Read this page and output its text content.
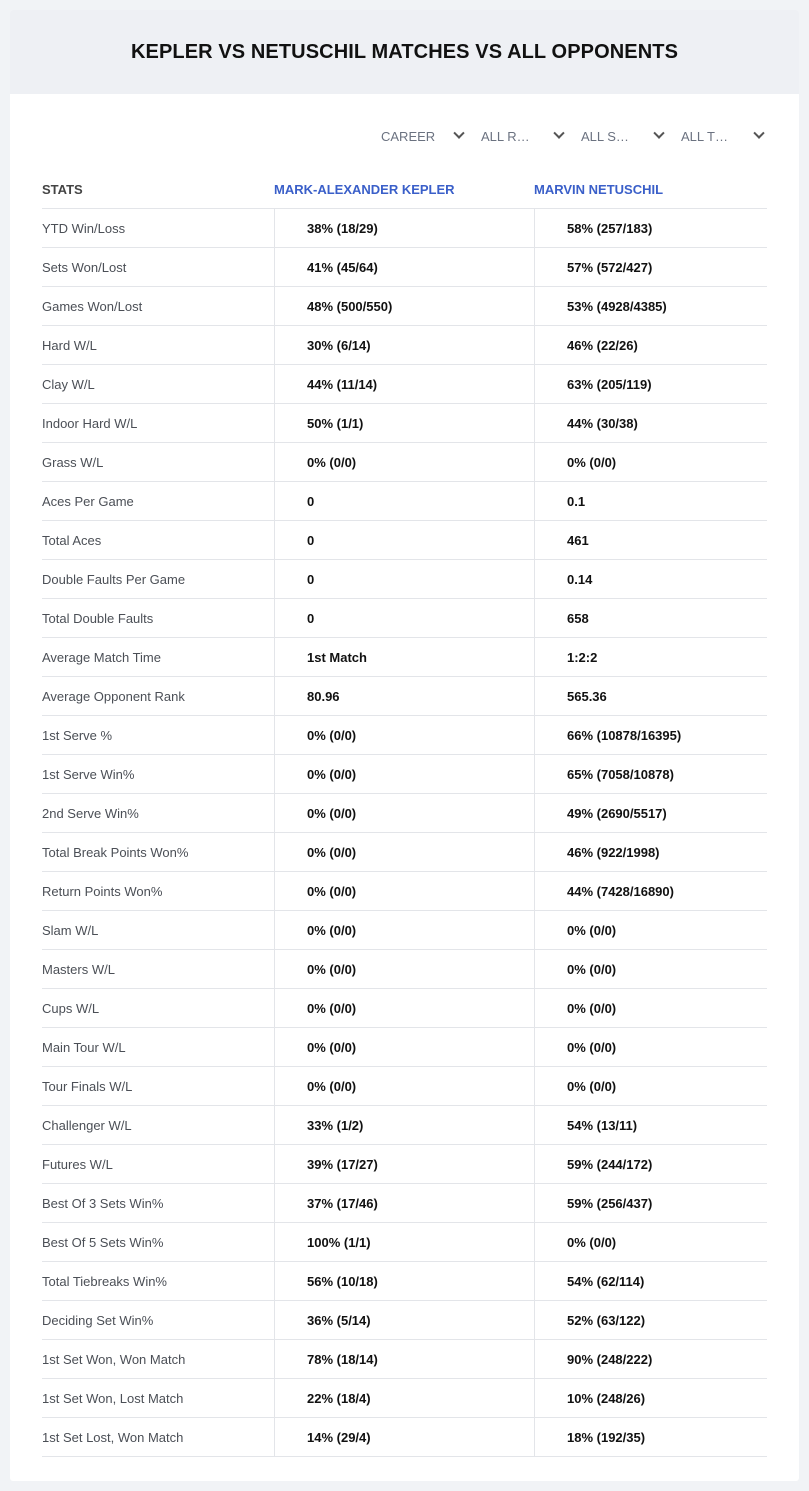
KEPLER VS NETUSCHIL MATCHES VS ALL OPPONENTS
CAREER	ALL R…	ALL S…	ALL T…
STATS	MARK-ALEXANDER KEPLER	MARVIN NETUSCHIL
YTD Win/Loss	38% (18/29)	58% (257/183)
Sets Won/Lost	41% (45/64)	57% (572/427)
Games Won/Lost	48% (500/550)	53% (4928/4385)
Hard W/L	30% (6/14)	46% (22/26)
Clay W/L	44% (11/14)	63% (205/119)
Indoor Hard W/L	50% (1/1)	44% (30/38)
Grass W/L	0% (0/0)	0% (0/0)
Aces Per Game	0	0.1
Total Aces	0	461
Double Faults Per Game	0	0.14
Total Double Faults	0	658
Average Match Time	1st Match	1:2:2
Average Opponent Rank	80.96	565.36
1st Serve %	0% (0/0)	66% (10878/16395)
1st Serve Win%	0% (0/0)	65% (7058/10878)
2nd Serve Win%	0% (0/0)	49% (2690/5517)
Total Break Points Won%	0% (0/0)	46% (922/1998)
Return Points Won%	0% (0/0)	44% (7428/16890)
Slam W/L	0% (0/0)	0% (0/0)
Masters W/L	0% (0/0)	0% (0/0)
Cups W/L	0% (0/0)	0% (0/0)
Main Tour W/L	0% (0/0)	0% (0/0)
Tour Finals W/L	0% (0/0)	0% (0/0)
Challenger W/L	33% (1/2)	54% (13/11)
Futures W/L	39% (17/27)	59% (244/172)
Best Of 3 Sets Win%	37% (17/46)	59% (256/437)
Best Of 5 Sets Win%	100% (1/1)	0% (0/0)
Total Tiebreaks Win%	56% (10/18)	54% (62/114)
Deciding Set Win%	36% (5/14)	52% (63/122)
1st Set Won, Won Match	78% (18/14)	90% (248/222)
1st Set Won, Lost Match	22% (18/4)	10% (248/26)
1st Set Lost, Won Match	14% (29/4)	18% (192/35)
